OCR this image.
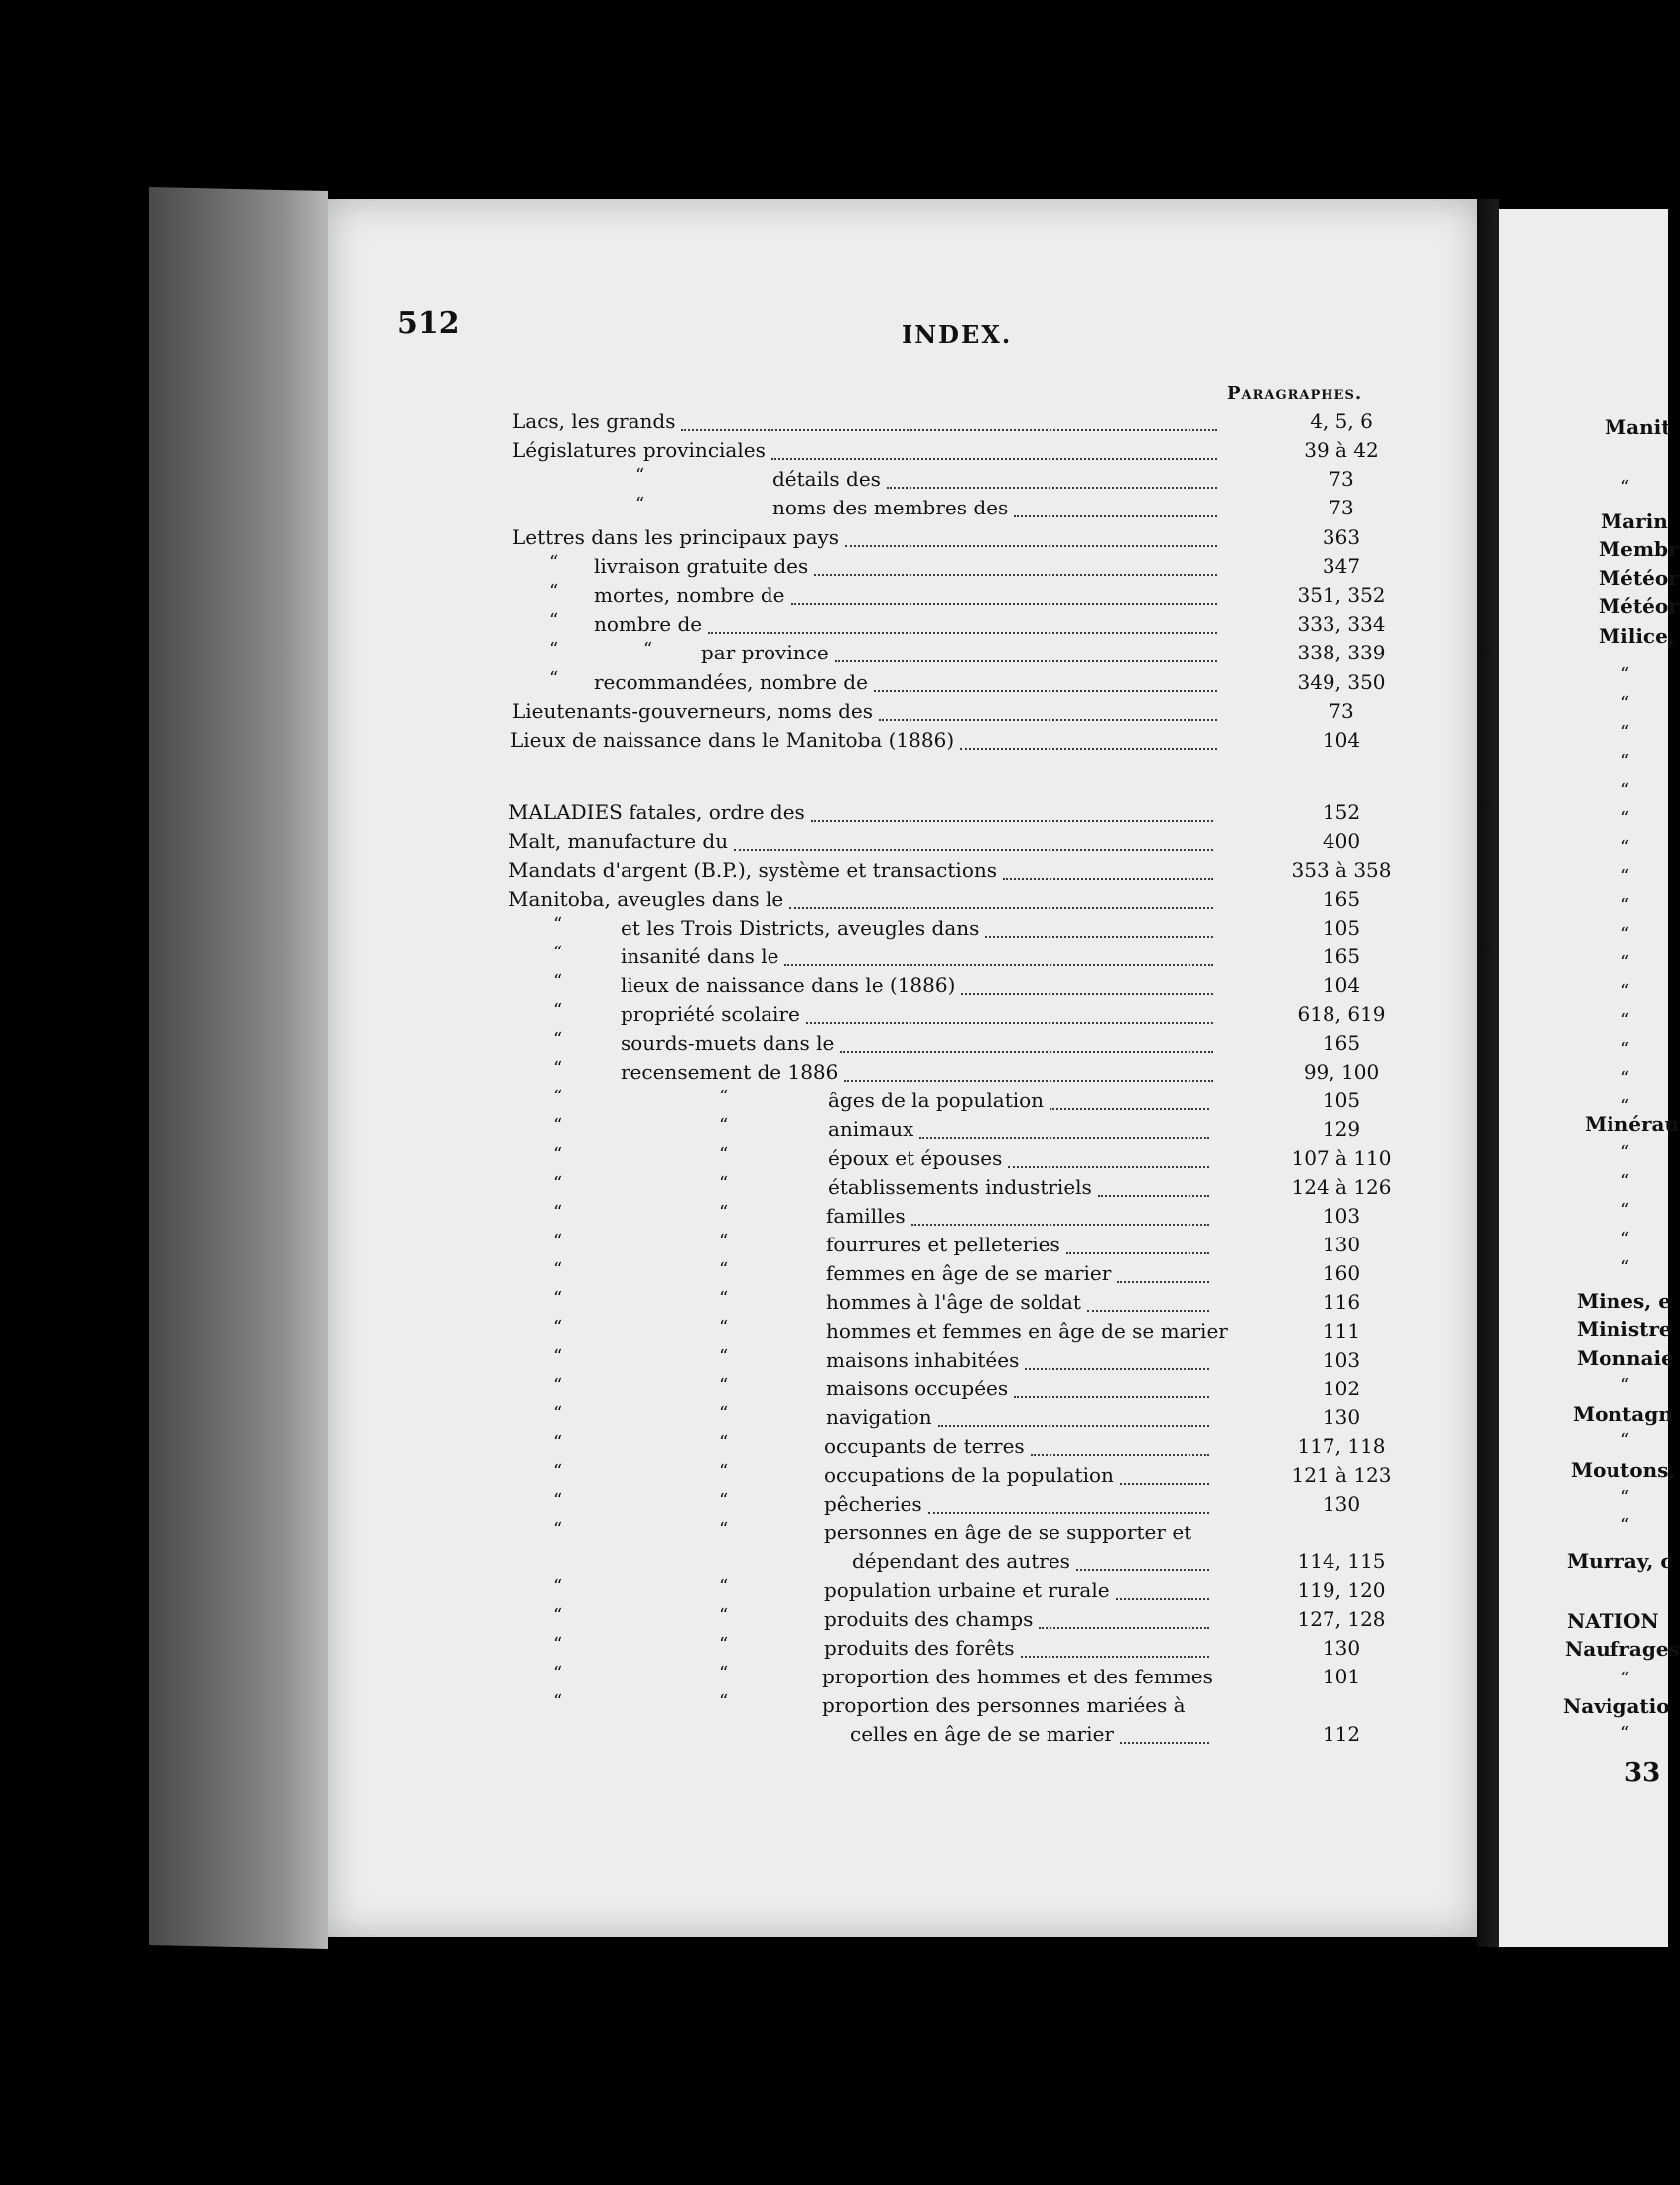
512	INDEX.
Paragraphes.
Lacs, les grands	4, 5, 6
Législatures provinciales	39 à 42
“	détails des	73
“	noms des membres des	73
Lettres dans les principaux pays	363
“ livraison gratuite des	347
“ mortes, nombre de	351, 352
“ nombre de	333, 334
“	“ par province	338, 339
“ recommandées, nombre de	349, 350
Lieutenants-gouverneurs, noms des	73
Lieux de naissance dans le Manitoba (1886)	104
MALADIES fatales, ordre des	152
Malt, manufacture du	400
Mandats d'argent (B.P.), système et transactions	353 à 358
Manitoba, aveugles dans le	165
“	et les Trois Districts, aveugles dans	105
“	insanité dans le	165
“	lieux de naissance dans le (1886)	104
“	propriété scolaire	618, 619
“	sourds-muets dans le	165
“	recensement de 1886	99, 100
“	“	âges de la population	105
“	“	animaux	129
“	“	époux et épouses	107 à 110
“	“	établissements industriels	124 à 126
“	“	familles	103
“	“	fourrures et pelleteries	130
“	“	femmes en âge de se marier	160
“	“	hommes à l'âge de soldat	116
“	“	hommes et femmes en âge de se marier	111
“	“	maisons inhabitées	103
“	“	maisons occupées	102
“	“	navigation	130
“	“	occupants de terres	117, 118
“	“	occupations de la population	121 à 123
“	“	pêcheries	130
“	“	personnes en âge de se supporter et
dépendant des autres	114, 115
“	“	population urbaine et rurale	119, 120
“	“	produits des champs	127, 128
“	“	produits des forêts	130
“	“	proportion des hommes et des femmes	101
“	“	proportion des personnes mariées à
celles en âge de se marier	112
Manit
Marin
Membr
Météor
Météor
Milice,
Minérau
Mines, e
Ministre
Monnaie
Montagn
Moutons,
Murray, c
NATION
Naufrages
Navigatio
33
“
“
“
“
“
“
“
“
“
“
“
“
“
“
“
“
“
“
“
“
“
“
“
“
“
“
“
“
